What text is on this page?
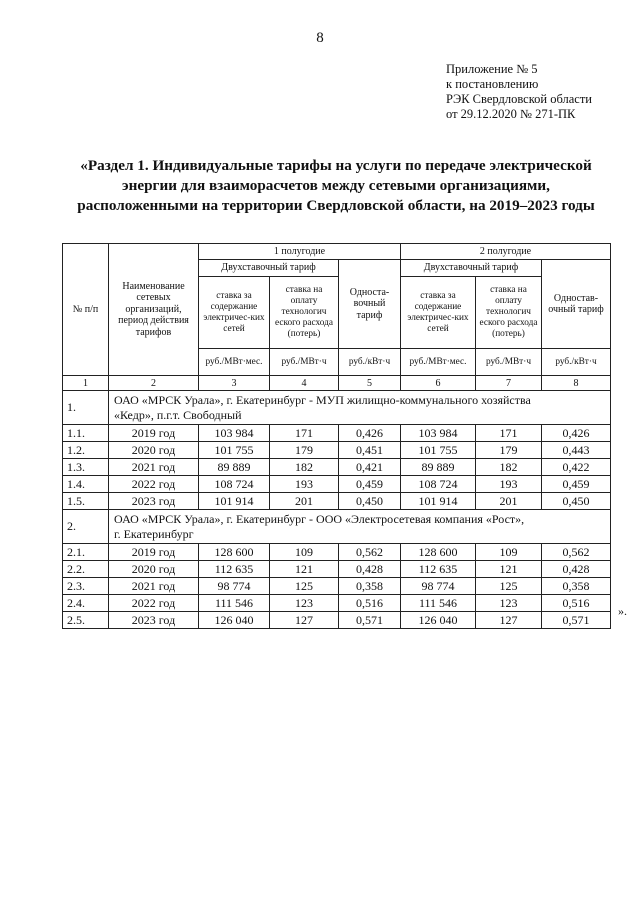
8
Приложение № 5
к постановлению
РЭК Свердловской области
от 29.12.2020 № 271-ПК
«Раздел 1. Индивидуальные тарифы на услуги по передаче электрической
энергии для взаиморасчетов между сетевыми организациями,
расположенными на территории Свердловской области, на 2019–2023 годы
№ п/п	Наименование сетевых организаций, период действия тарифов	1 полугодие			2 полугодие		
		Двухставочный тариф		Односта-вочный тариф	Двухставочный тариф		Одностав-очный тариф
		ставка за содержание электричес-ких сетей	ставка на оплату технологич еского расхода (потерь)		ставка за содержание электричес-ких сетей	ставка на оплату технологич еского расхода (потерь)	
		руб./МВт·мес.	руб./МВт·ч	руб./кВт·ч	руб./МВт·мес.	руб./МВт·ч	руб./кВт·ч
1	2	3	4	5	6	7	8
1.	ОАО «МРСК Урала», г. Екатеринбург - МУП жилищно-коммунального хозяйства
«Кедр», п.г.т. Свободный						

1.1.	2019 год	103 984	171	0,426	103 984	171	0,426
1.2.	2020 год	101 755	179	0,451	101 755	179	0,443
1.3.	2021 год	89 889	182	0,421	89 889	182	0,422
1.4.	2022 год	108 724	193	0,459	108 724	193	0,459
1.5.	2023 год	101 914	201	0,450	101 914	201	0,450
2.	ОАО «МРСК Урала», г. Екатеринбург - ООО «Электросетевая компания «Рост»,
г. Екатеринбург						

2.1.	2019 год	128 600	109	0,562	128 600	109	0,562
2.2.	2020 год	112 635	121	0,428	112 635	121	0,428
2.3.	2021 год	98 774	125	0,358	98 774	125	0,358
2.4.	2022 год	111 546	123	0,516	111 546	123	0,516
2.5.	2023 год	126 040	127	0,571	126 040	127	0,571
».
